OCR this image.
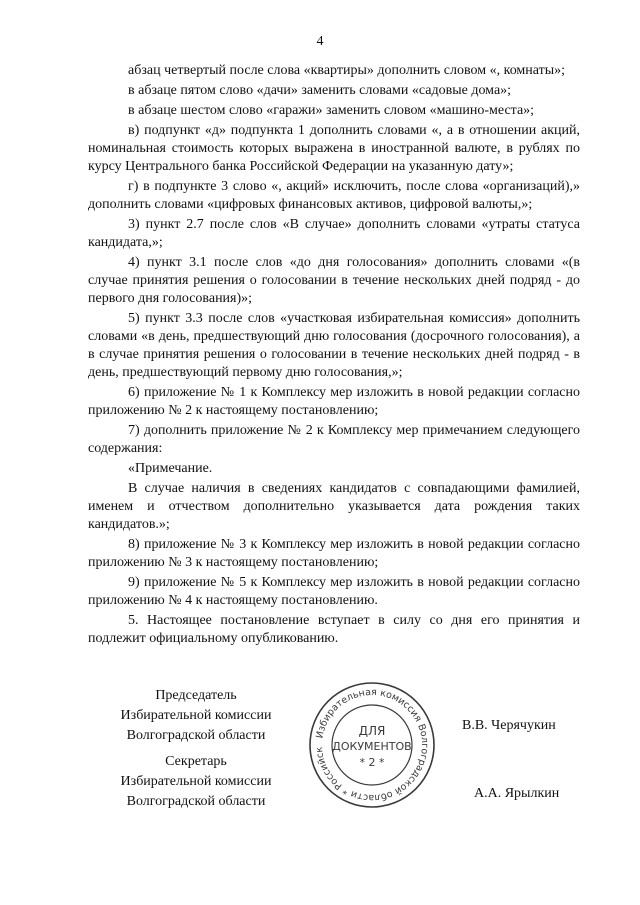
4

абзац четвертый после слова «квартиры» дополнить словом «, комнаты»;

в абзаце пятом слово «дачи» заменить словами «садовые дома»;

в абзаце шестом слово «гаражи» заменить словом «машино-места»;

в) подпункт «д» подпункта 1 дополнить словами «, а в отношении акций, номинальная стоимость которых выражена в иностранной валюте, в рублях по курсу Центрального банка Российской Федерации на указанную дату»;

г) в подпункте 3 слово «, акций» исключить, после слова «организаций),» дополнить словами «цифровых финансовых активов, цифровой валюты,»;

3) пункт 2.7 после слов «В случае» дополнить словами «утраты статуса кандидата,»;

4) пункт 3.1 после слов «до дня голосования» дополнить словами «(в случае принятия решения о голосовании в течение нескольких дней подряд - до первого дня голосования)»;

5) пункт 3.3 после слов «участковая избирательная комиссия» дополнить словами «в день, предшествующий дню голосования (досрочного голосования), а в случае принятия решения о голосовании в течение нескольких дней подряд - в день, предшествующий первому дню голосования,»;

6) приложение № 1 к Комплексу мер изложить в новой редакции согласно приложению № 2 к настоящему постановлению;

7) дополнить приложение № 2 к Комплексу мер примечанием следующего содержания:

«Примечание.

В случае наличия в сведениях кандидатов с совпадающими фамилией, именем и отчеством дополнительно указывается дата рождения таких кандидатов.»;

8) приложение № 3 к Комплексу мер изложить в новой редакции согласно приложению № 3 к настоящему постановлению;

9) приложение № 5 к Комплексу мер изложить в новой редакции согласно приложению № 4 к настоящему постановлению.

5. Настоящее постановление вступает в силу со дня его принятия и подлежит официальному опубликованию.

Председатель
Избирательной комиссии
Волгоградской области
В.В. Черячукин
Секретарь
Избирательной комиссии
Волгоградской области
А.А. Ярылкин
Избирательная комиссия Волгоградской области * Российск
ДЛЯ
ДОКУМЕНТОВ
* 2 *
